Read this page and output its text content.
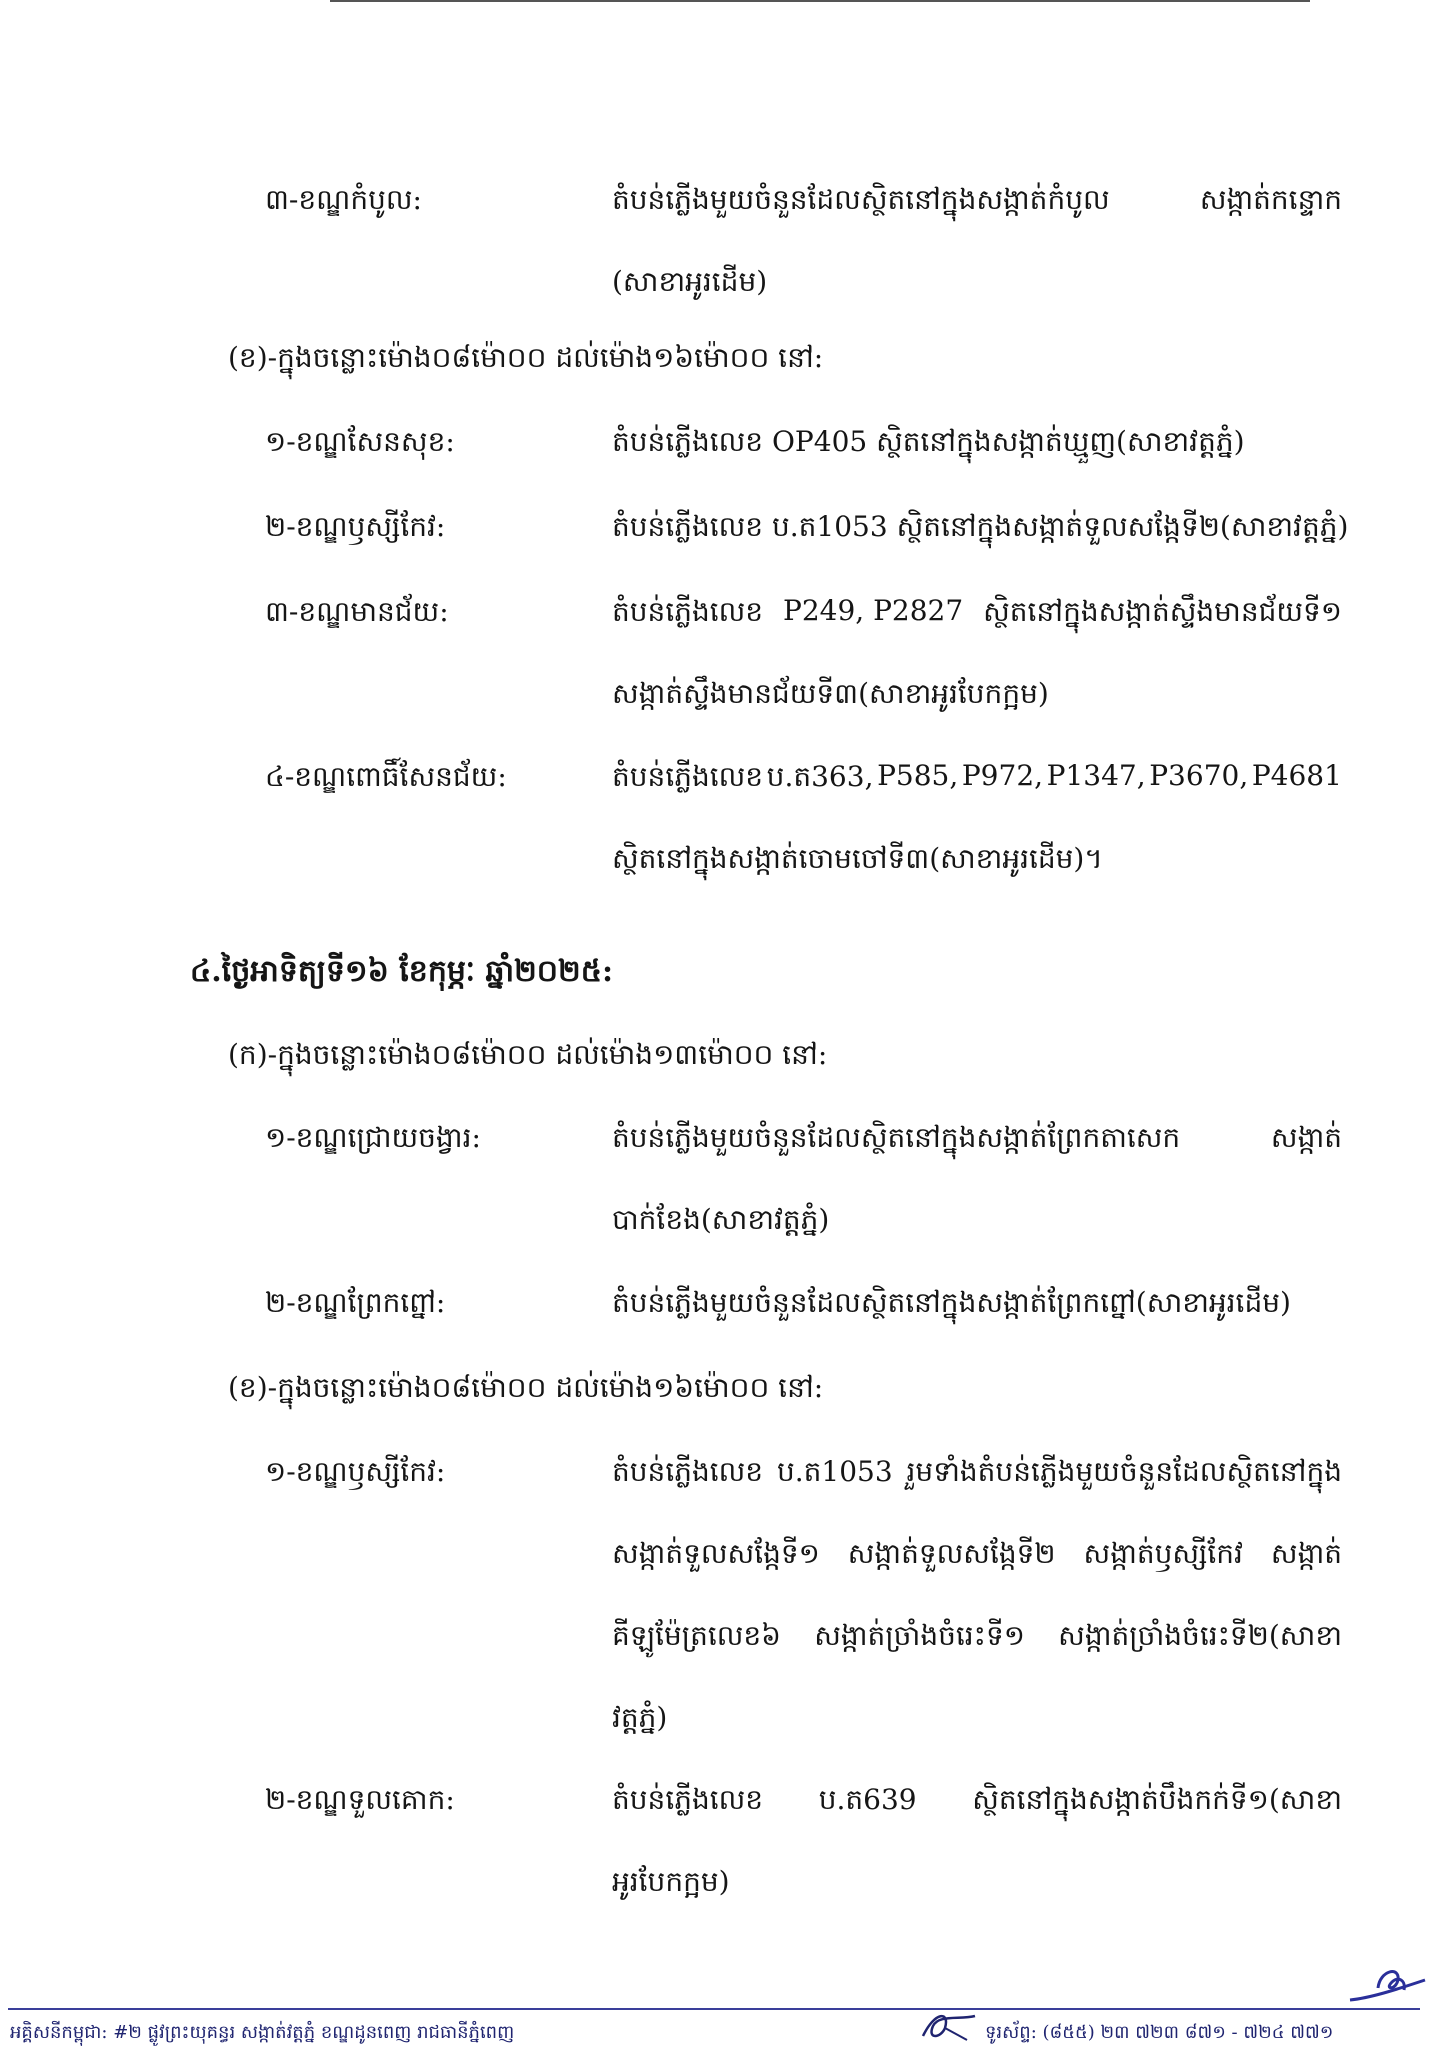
៣-ខណ្ឌកំបូល:	តំបន់ភ្លើងមួយចំនួនដែលស្ថិតនៅក្នុងសង្កាត់កំបូល	សង្កាត់កន្ទោក
(សាខាអូរដើម)
(ខ)-ក្នុងចន្លោះម៉ោង០៨ម៉ោ០០ ដល់ម៉ោង១៦ម៉ោ០០ នៅ:
១-ខណ្ឌសែនសុខ:	តំបន់ភ្លើងលេខ OP405 ស្ថិតនៅក្នុងសង្កាត់ឃ្មួញ(សាខាវត្តភ្នំ)
២-ខណ្ឌឫស្សីកែវ:	តំបន់ភ្លើងលេខ ប.ត1053 ស្ថិតនៅក្នុងសង្កាត់ទួលសង្កែទី២(សាខាវត្តភ្នំ)
៣-ខណ្ឌមានជ័យ:	តំបន់ភ្លើងលេខ P249, P2827 ស្ថិតនៅក្នុងសង្កាត់ស្ទឹងមានជ័យទី១
សង្កាត់ស្ទឹងមានជ័យទី៣(សាខាអូរបែកក្អម)
៤-ខណ្ឌពោធិ៍សែនជ័យ:	តំបន់ភ្លើងលេខ ប.ត363, P585, P972, P1347, P3670, P4681
ស្ថិតនៅក្នុងសង្កាត់ចោមចៅទី៣(សាខាអូរដើម)។
៤.ថ្ងៃអាទិត្យទី១៦ ខែកុម្ភៈ ឆ្នាំ២០២៥:
(ក)-ក្នុងចន្លោះម៉ោង០៨ម៉ោ០០ ដល់ម៉ោង១៣ម៉ោ០០ នៅ:
១-ខណ្ឌជ្រោយចង្វារ:	តំបន់ភ្លើងមួយចំនួនដែលស្ថិតនៅក្នុងសង្កាត់ព្រែកតាសេក	សង្កាត់
បាក់ខែង(សាខាវត្តភ្នំ)
២-ខណ្ឌព្រែកព្នៅ:	តំបន់ភ្លើងមួយចំនួនដែលស្ថិតនៅក្នុងសង្កាត់ព្រែកព្នៅ(សាខាអូរដើម)
(ខ)-ក្នុងចន្លោះម៉ោង០៨ម៉ោ០០ ដល់ម៉ោង១៦ម៉ោ០០ នៅ:
១-ខណ្ឌឫស្សីកែវ:	តំបន់ភ្លើងលេខ ប.ត1053 រួមទាំងតំបន់ភ្លើងមួយចំនួនដែលស្ថិតនៅក្នុង
សង្កាត់ទួលសង្កែទី១ សង្កាត់ទួលសង្កែទី២ សង្កាត់ឫស្សីកែវ សង្កាត់
គីឡូម៉ែត្រលេខ៦ សង្កាត់ច្រាំងចំរេះទី១ សង្កាត់ច្រាំងចំរេះទី២(សាខា
វត្តភ្នំ)
២-ខណ្ឌទួលគោក:	តំបន់ភ្លើងលេខ ប.ត639 ស្ថិតនៅក្នុងសង្កាត់បឹងកក់ទី១(សាខា
អូរបែកក្អម)
អគ្គិសនីកម្ពុជា: #២ ផ្លូវព្រះយុគន្ធរ សង្កាត់វត្តភ្នំ ខណ្ឌដូនពេញ រាជធានីភ្នំពេញ	ទូរស័ព្ទ: (៨៥៥) ២៣ ៧២៣ ៨៧១ - ៧២៤ ៧៧១
